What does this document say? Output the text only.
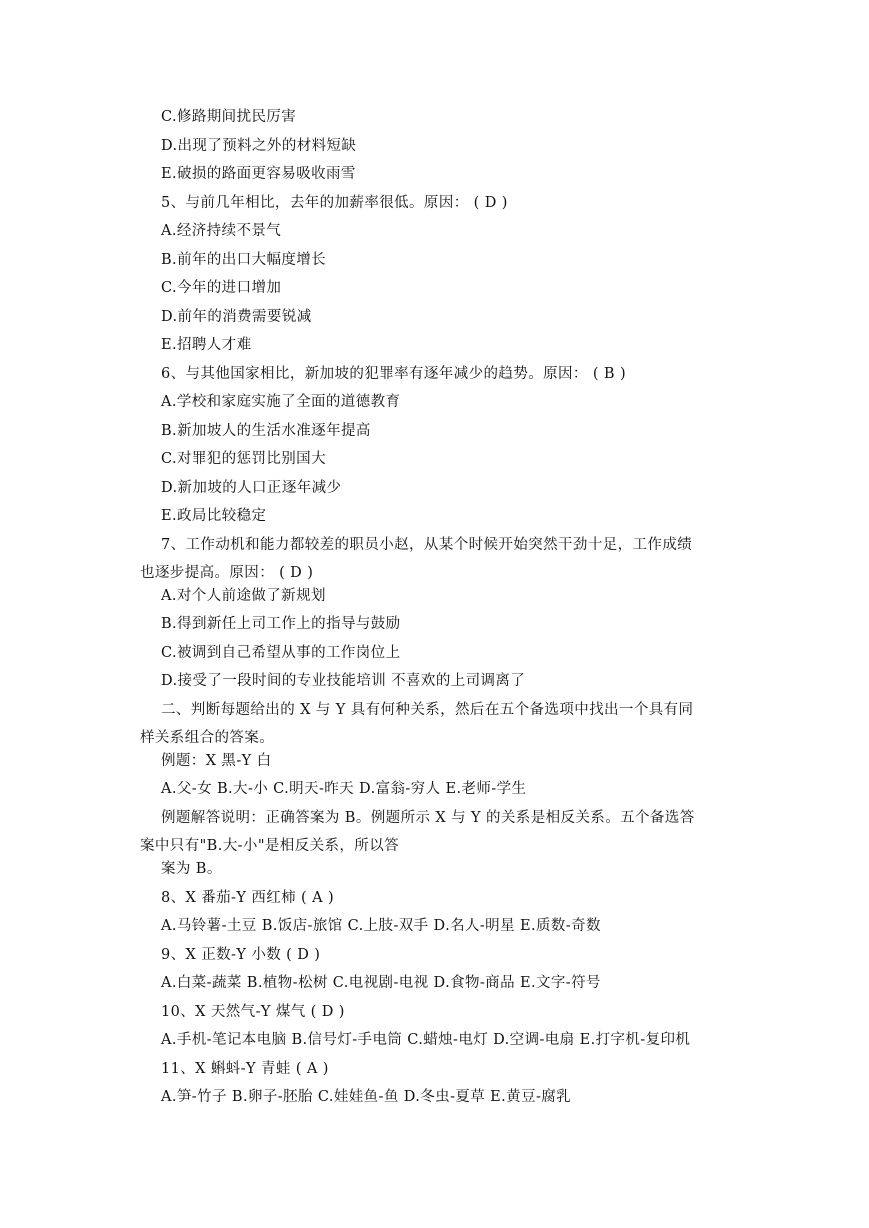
C.修路期间扰民厉害
D.出现了预料之外的材料短缺
E.破损的路面更容易吸收雨雪
5、与前几年相比，去年的加薪率很低。原因： ( D )
A.经济持续不景气
B.前年的出口大幅度增长
C.今年的进口增加
D.前年的消费需要锐减
E.招聘人才难
6、与其他国家相比，新加坡的犯罪率有逐年减少的趋势。原因： ( B )
A.学校和家庭实施了全面的道德教育
B.新加坡人的生活水准逐年提高
C.对罪犯的惩罚比别国大
D.新加坡的人口正逐年减少
E.政局比较稳定
7、工作动机和能力都较差的职员小赵，从某个时候开始突然干劲十足，工作成绩也逐步提高。原因： ( D )
A.对个人前途做了新规划
B.得到新任上司工作上的指导与鼓励
C.被调到自己希望从事的工作岗位上
D.接受了一段时间的专业技能培训 不喜欢的上司调离了
二、判断每题给出的 X 与 Y 具有何种关系，然后在五个备选项中找出一个具有同样关系组合的答案。
例题：X 黑-Y 白
A.父-女 B.大-小 C.明天-昨天 D.富翁-穷人 E.老师-学生
例题解答说明：正确答案为 B。例题所示 X 与 Y 的关系是相反关系。五个备选答案中只有"B.大-小"是相反关系，所以答
案为 B。
8、X 番茄-Y 西红柿 ( A )
A.马铃薯-土豆 B.饭店-旅馆 C.上肢-双手 D.名人-明星 E.质数-奇数
9、X 正数-Y 小数 ( D )
A.白菜-蔬菜 B.植物-松树 C.电视剧-电视 D.食物-商品 E.文字-符号
10、X 天然气-Y 煤气 ( D )
A.手机-笔记本电脑 B.信号灯-手电筒 C.蜡烛-电灯 D.空调-电扇 E.打字机-复印机
11、X 蝌蚪-Y 青蛙 ( A )
A.笋-竹子 B.卵子-胚胎 C.娃娃鱼-鱼 D.冬虫-夏草 E.黄豆-腐乳
